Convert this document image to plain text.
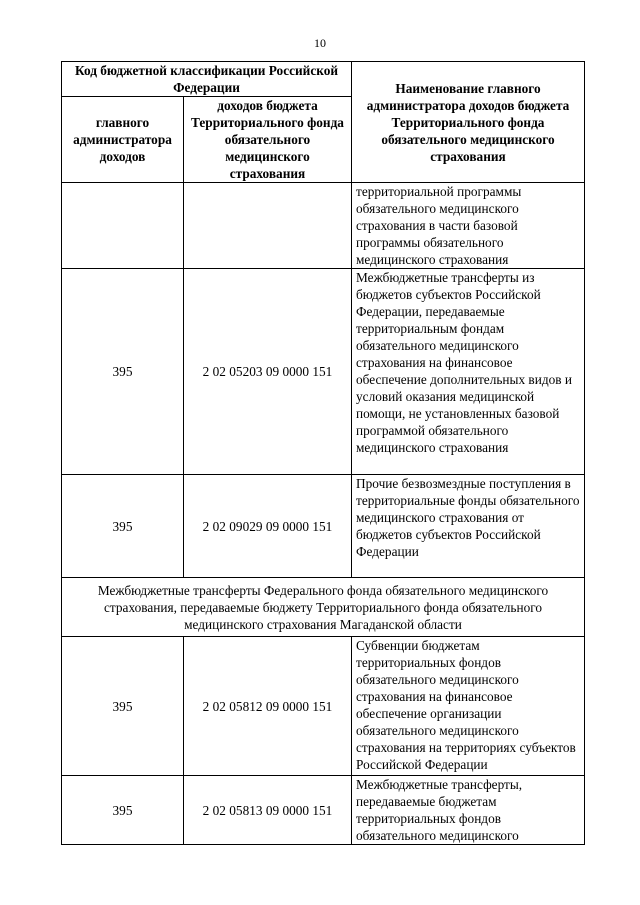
10
Код бюджетной классификации Российской Федерации		Наименование главного администратора доходов бюджета Территориального фонда обязательного медицинского страхования
главного администратора доходов	доходов бюджета Территориального фонда обязательного медицинского страхования	
		территориальной программы обязательного медицинского страхования в части базовой программы обязательного медицинского страхования
395	2 02 05203 09 0000 151	Межбюджетные трансферты из бюджетов субъектов Российской Федерации, передаваемые территориальным фондам обязательного медицинского страхования на финансовое обеспечение дополнительных видов и условий оказания медицинской помощи, не установленных базовой программой обязательного медицинского страхования
395	2 02 09029 09 0000 151	Прочие безвозмездные поступления в территориальные фонды обязательного медицинского страхования от бюджетов субъектов Российской Федерации
Межбюджетные трансферты Федерального фонда обязательного медицинского страхования, передаваемые бюджету Территориального фонда обязательного медицинского страхования Магаданской области		
395	2 02 05812 09 0000 151	Субвенции бюджетам территориальных фондов обязательного медицинского страхования на финансовое обеспечение организации обязательного медицинского страхования на территориях субъектов Российской Федерации
395	2 02 05813 09 0000 151	Межбюджетные трансферты, передаваемые бюджетам территориальных фондов обязательного медицинского
